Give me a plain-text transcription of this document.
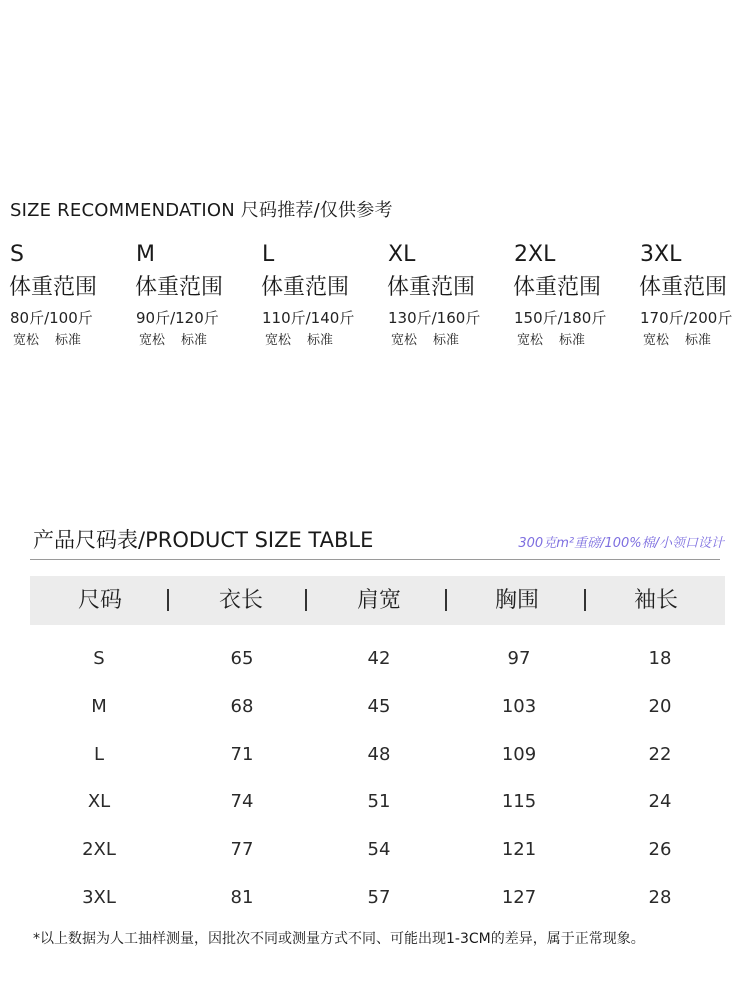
SIZE RECOMMENDATION 尺码推荐/仅供参考
S
体重范围
80斤/100斤
宽松 标准
M
体重范围
90斤/120斤
宽松 标准
L
体重范围
110斤/140斤
宽松 标准
XL
体重范围
130斤/160斤
宽松 标准
2XL
体重范围
150斤/180斤
宽松 标准
3XL
体重范围
170斤/200斤
宽松 标准
产品尺码表/PRODUCT SIZE TABLE	300克m²重磅/100%棉/小领口设计
尺码	衣长	肩宽	胸围	袖长
S	65	42	97	18
M	68	45	103	20
L	71	48	109	22
XL	74	51	115	24
2XL	77	54	121	26
3XL	81	57	127	28
*以上数据为人工抽样测量，因批次不同或测量方式不同、可能出现1-3CM的差异，属于正常现象。
